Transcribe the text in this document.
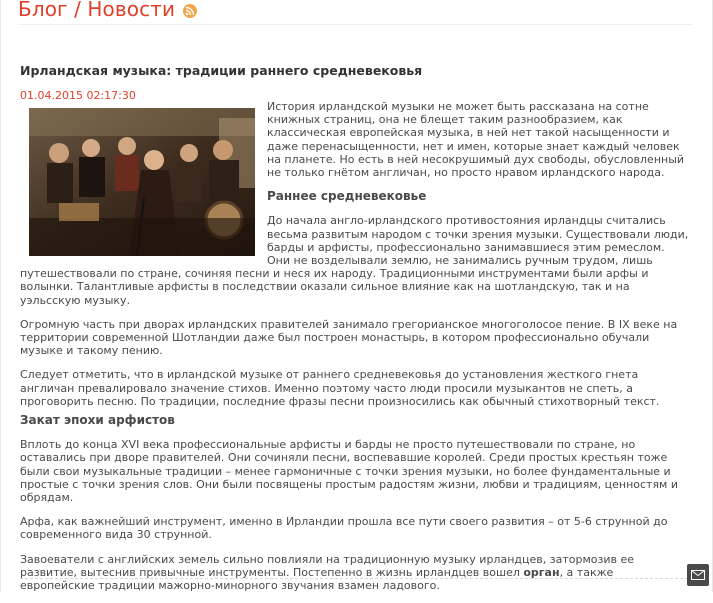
Блог / Новости
Ирландская музыка: традиции раннего средневековья
01.04.2015 02:17:30

История ирландской музыки не может быть рассказана на сотне книжных страниц, она не блещет таким разнообразием, как классическая европейская музыка, в ней нет такой насыщенности и даже перенасыщенности, нет и имен, которые знает каждый человек на планете. Но есть в ней несокрушимый дух свободы, обусловленный не только гнётом англичан, но просто нравом ирландского народа.

Раннее средневековье

До начала англо-ирландского противостояния ирландцы считались весьма развитым народом с точки зрения музыки. Существовали люди, барды и арфисты, профессионально занимавшиеся этим ремеслом. Они не возделывали землю, не занимались ручным трудом, лишь путешествовали по стране, сочиняя песни и неся их народу. Традиционными инструментами были арфы и волынки. Талантливые арфисты в последствии оказали сильное влияние как на шотландскую, так и на уэльсскую музыку.

Огромную часть при дворах ирландских правителей занимало грегорианское многоголосое пение. В IX веке на территории современной Шотландии даже был построен монастырь, в котором профессионально обучали музыке и такому пению.

Следует отметить, что в ирландской музыке от раннего средневековья до установления жесткого гнета англичан превалировало значение стихов. Именно поэтому часто люди просили музыкантов не спеть, а проговорить песню. По традиции, последние фразы песни произносились как обычный стихотворный текст.

Закат эпохи арфистов

Вплоть до конца XVI века профессиональные арфисты и барды не просто путешествовали по стране, но оставались при дворе правителей. Они сочиняли песни, воспевавшие королей. Среди простых крестьян тоже были свои музыкальные традиции – менее гармоничные с точки зрения музыки, но более фундаментальные и простые с точки зрения слов. Они были посвящены простым радостям жизни, любви и традициям, ценностям и обрядам.

Арфа, как важнейший инструмент, именно в Ирландии прошла все пути своего развития – от 5-6 струнной до современного вида 30 струнной.

Завоеватели с английских земель сильно повлияли на традиционную музыку ирландцев, затормозив ее развитие, вытеснив привычные инструменты. Постепенно в жизнь ирландцев вошел орган, а также европейские традиции мажорно-минорного звучания взамен ладового.
